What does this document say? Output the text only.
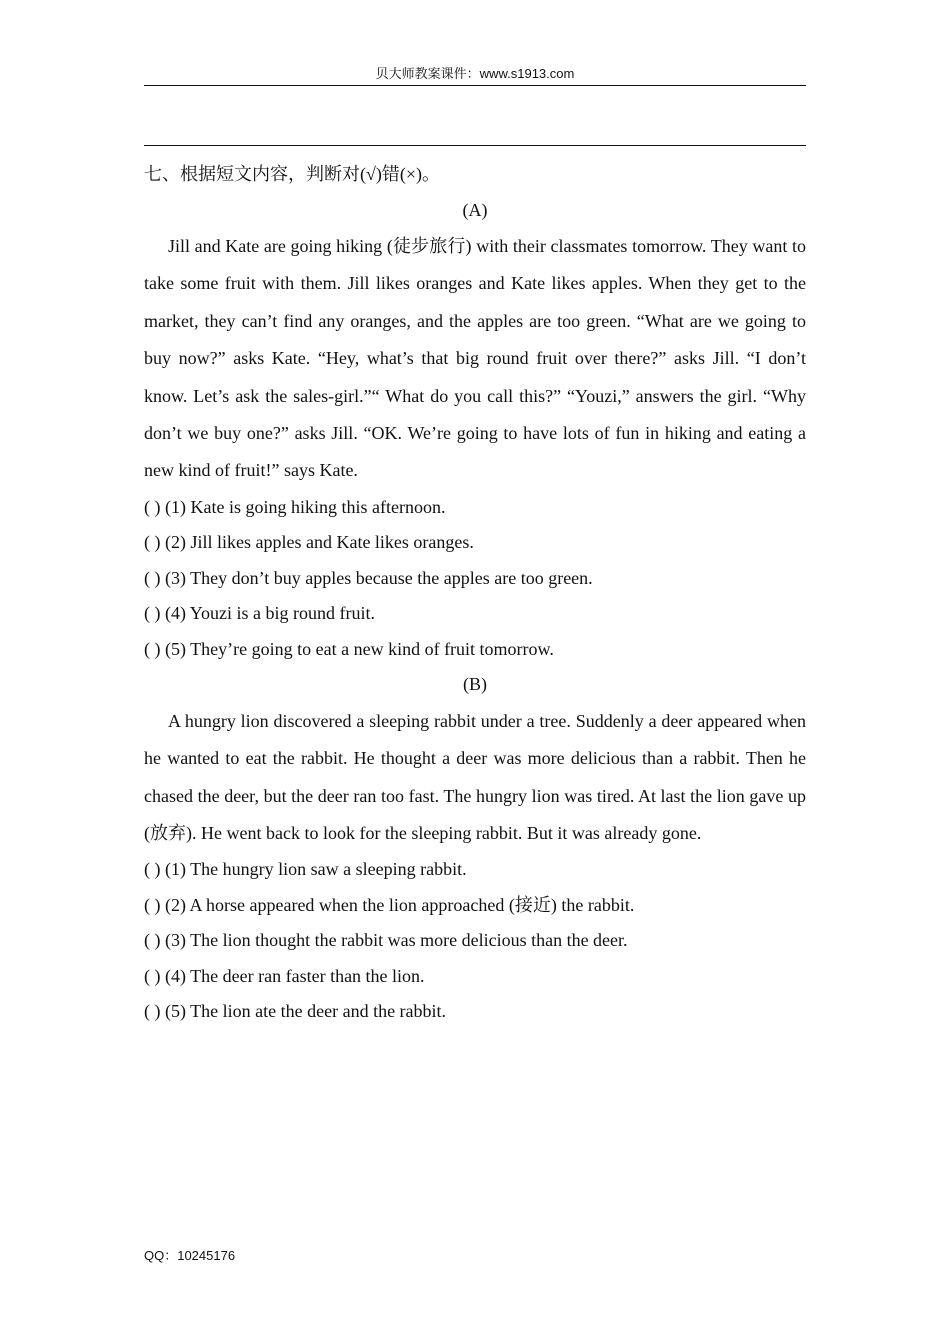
贝大师教案课件：www.s1913.com
七、根据短文内容，判断对(√)错(×)。
(A)

Jill and Kate are going hiking (徒步旅行) with their classmates tomorrow. They want to take some fruit with them. Jill likes oranges and Kate likes apples. When they get to the market, they can’t find any oranges, and the apples are too green. “What are we going to buy now?” asks Kate. “Hey, what’s that big round fruit over there?” asks Jill. “I don’t know. Let’s ask the sales-girl.”“ What do you call this?” “Youzi,” answers the girl. “Why don’t we buy one?” asks Jill. “OK. We’re going to have lots of fun in hiking and eating a new kind of fruit!” says Kate.

( ) (1) Kate is going hiking this afternoon.
( ) (2) Jill likes apples and Kate likes oranges.
( ) (3) They don’t buy apples because the apples are too green.
( ) (4) Youzi is a big round fruit.
( ) (5) They’re going to eat a new kind of fruit tomorrow.
(B)

A hungry lion discovered a sleeping rabbit under a tree. Suddenly a deer appeared when he wanted to eat the rabbit. He thought a deer was more delicious than a rabbit. Then he chased the deer, but the deer ran too fast. The hungry lion was tired. At last the lion gave up (放弃). He went back to look for the sleeping rabbit. But it was already gone.

( ) (1) The hungry lion saw a sleeping rabbit.
( ) (2) A horse appeared when the lion approached (接近) the rabbit.
( ) (3) The lion thought the rabbit was more delicious than the deer.
( ) (4) The deer ran faster than the lion.
( ) (5) The lion ate the deer and the rabbit.
QQ：10245176
